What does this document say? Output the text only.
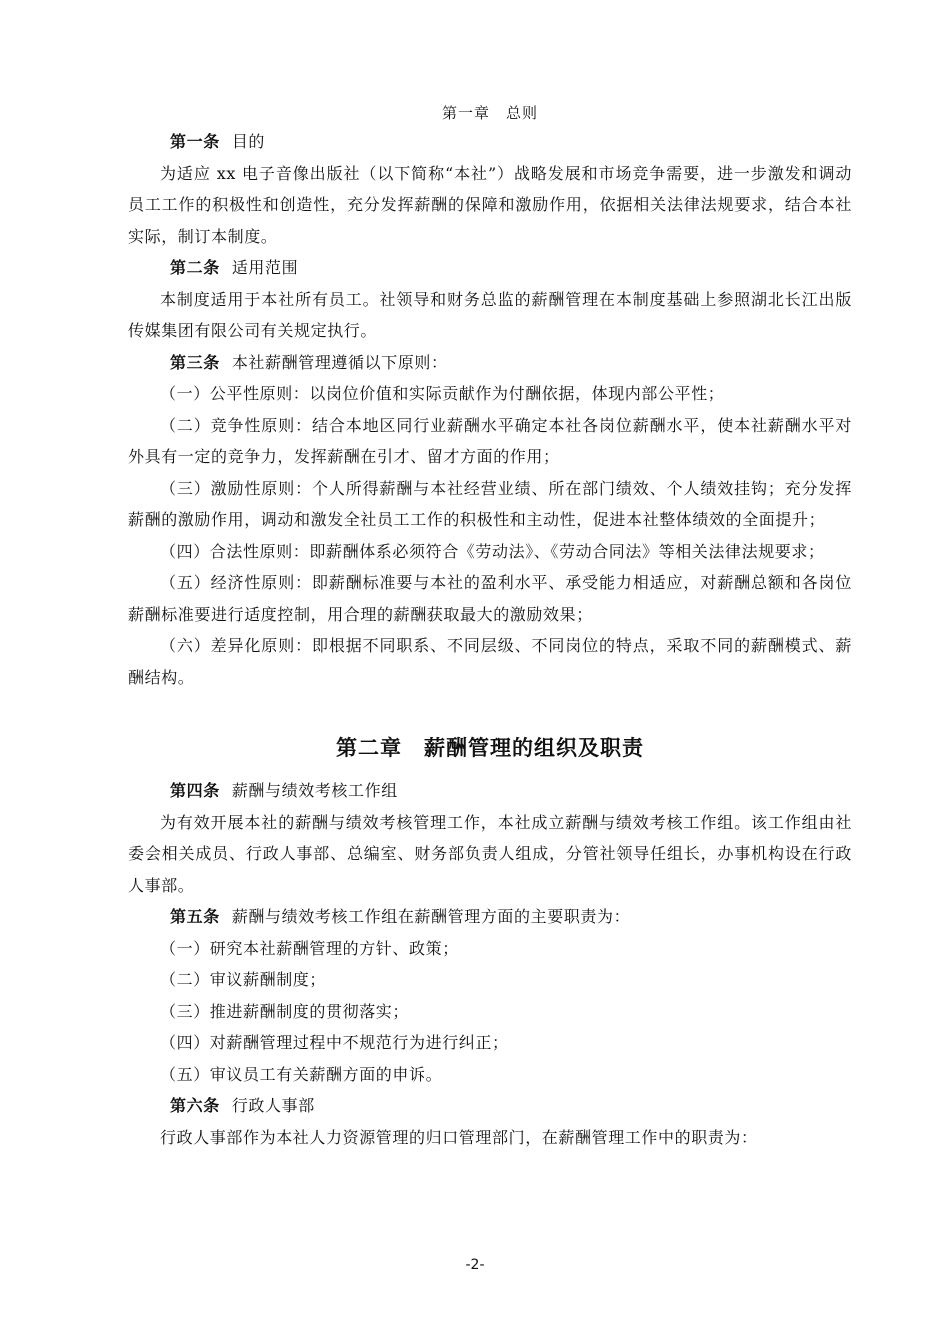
第一章　总则

第一条 目的

为适应 xx 电子音像出版社（以下简称“本社”）战略发展和市场竞争需要，进一步激发和调动员工工作的积极性和创造性，充分发挥薪酬的保障和激励作用，依据相关法律法规要求，结合本社实际，制订本制度。

第二条 适用范围

本制度适用于本社所有员工。社领导和财务总监的薪酬管理在本制度基础上参照湖北长江出版传媒集团有限公司有关规定执行。

第三条 本社薪酬管理遵循以下原则：

（一）公平性原则：以岗位价值和实际贡献作为付酬依据，体现内部公平性；

（二）竞争性原则：结合本地区同行业薪酬水平确定本社各岗位薪酬水平，使本社薪酬水平对外具有一定的竞争力，发挥薪酬在引才、留才方面的作用；

（三）激励性原则：个人所得薪酬与本社经营业绩、所在部门绩效、个人绩效挂钩；充分发挥薪酬的激励作用，调动和激发全社员工工作的积极性和主动性，促进本社整体绩效的全面提升；

（四）合法性原则：即薪酬体系必须符合《劳动法》、《劳动合同法》等相关法律法规要求；

（五）经济性原则：即薪酬标准要与本社的盈利水平、承受能力相适应，对薪酬总额和各岗位薪酬标准要进行适度控制，用合理的薪酬获取最大的激励效果；

（六）差异化原则：即根据不同职系、不同层级、不同岗位的特点，采取不同的薪酬模式、薪酬结构。

第二章　薪酬管理的组织及职责

第四条 薪酬与绩效考核工作组

为有效开展本社的薪酬与绩效考核管理工作，本社成立薪酬与绩效考核工作组。该工作组由社委会相关成员、行政人事部、总编室、财务部负责人组成，分管社领导任组长，办事机构设在行政人事部。

第五条 薪酬与绩效考核工作组在薪酬管理方面的主要职责为：

（一）研究本社薪酬管理的方针、政策；

（二）审议薪酬制度；

（三）推进薪酬制度的贯彻落实；

（四）对薪酬管理过程中不规范行为进行纠正；

（五）审议员工有关薪酬方面的申诉。

第六条 行政人事部

行政人事部作为本社人力资源管理的归口管理部门，在薪酬管理工作中的职责为：

-2-
